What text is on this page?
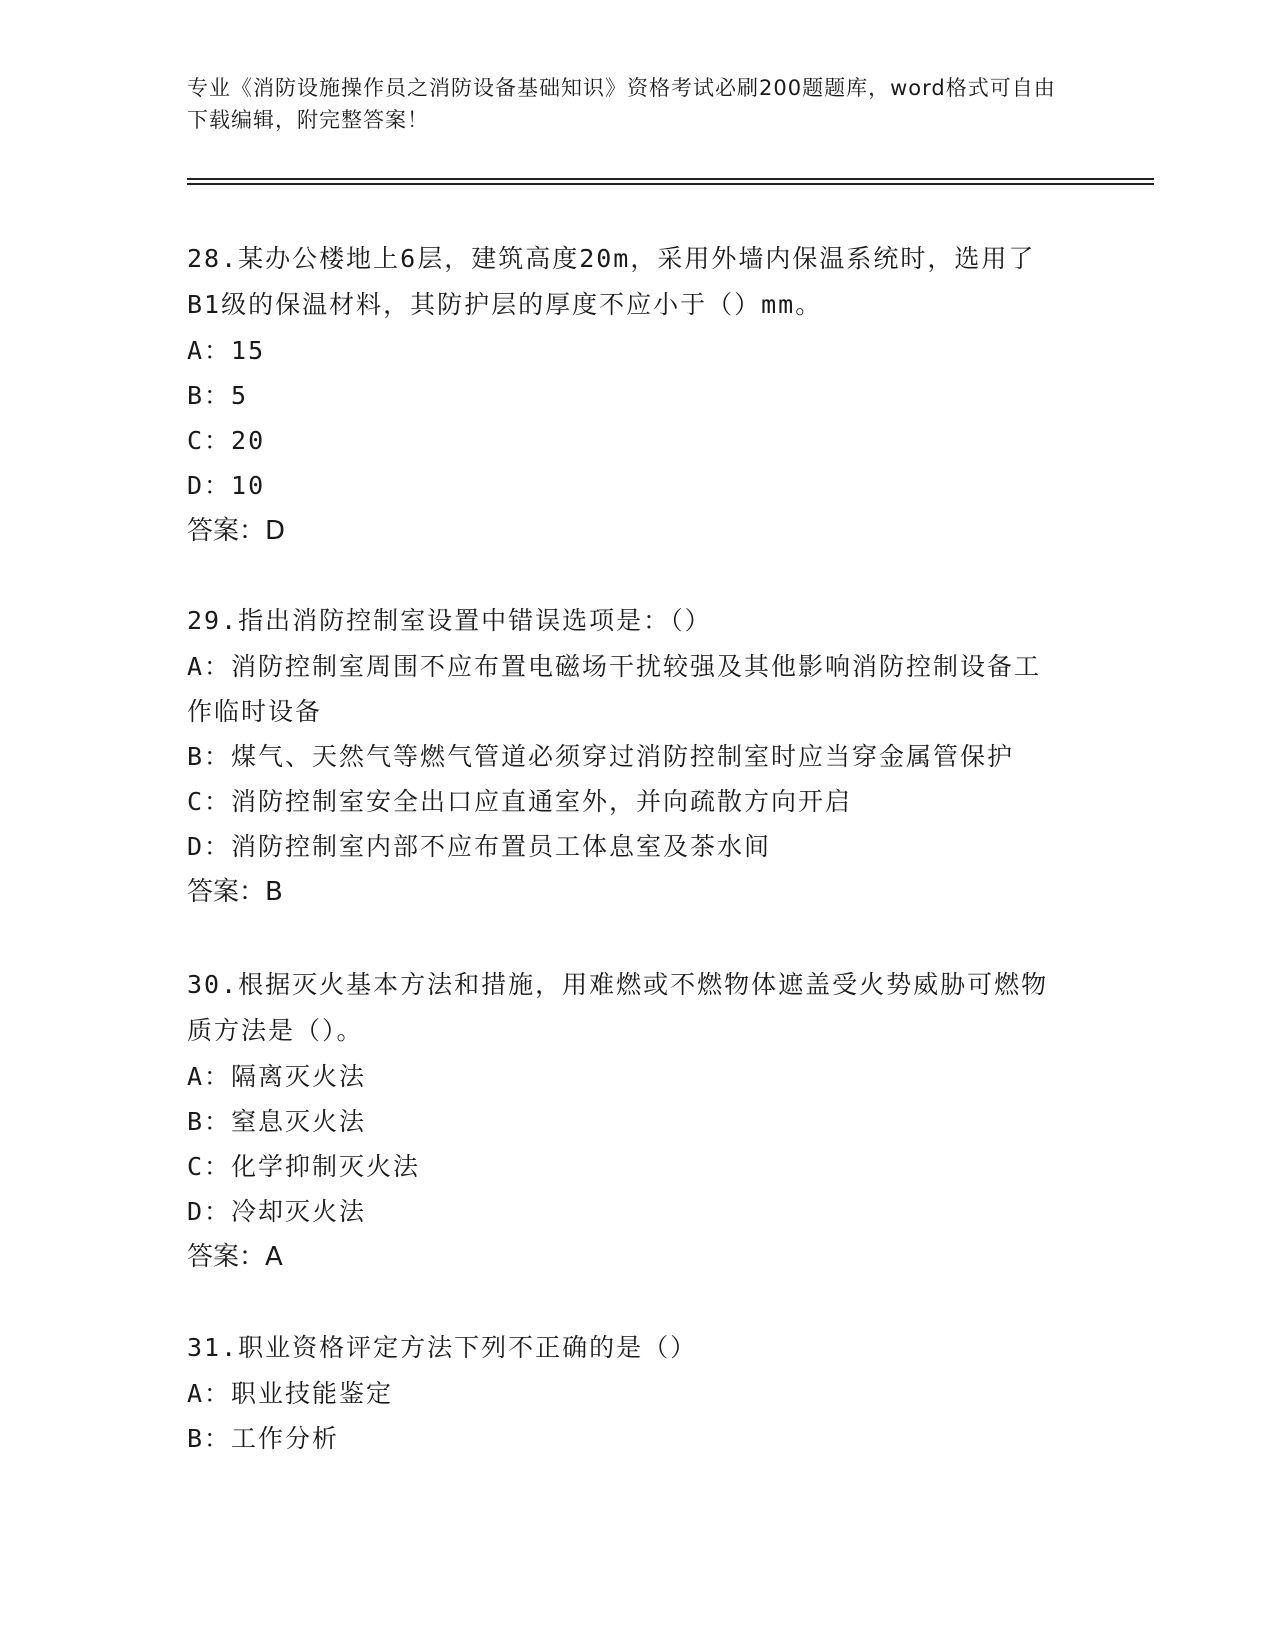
专业《消防设施操作员之消防设备基础知识》资格考试必刷200题题库，word格式可自由下载编辑，附完整答案！
28.某办公楼地上6层，建筑高度20m，采用外墙内保温系统时，选用了B1级的保温材料，其防护层的厚度不应小于（）mm。
A：15
B：5
C：20
D：10
答案：D
29.指出消防控制室设置中错误选项是：（）
A：消防控制室周围不应布置电磁场干扰较强及其他影响消防控制设备工作临时设备
B：煤气、天然气等燃气管道必须穿过消防控制室时应当穿金属管保护
C：消防控制室安全出口应直通室外，并向疏散方向开启
D：消防控制室内部不应布置员工体息室及茶水间
答案：B
30.根据灭火基本方法和措施，用难燃或不燃物体遮盖受火势威胁可燃物质方法是（）。
A：隔离灭火法
B：窒息灭火法
C：化学抑制灭火法
D：冷却灭火法
答案：A
31.职业资格评定方法下列不正确的是（）
A：职业技能鉴定
B：工作分析
